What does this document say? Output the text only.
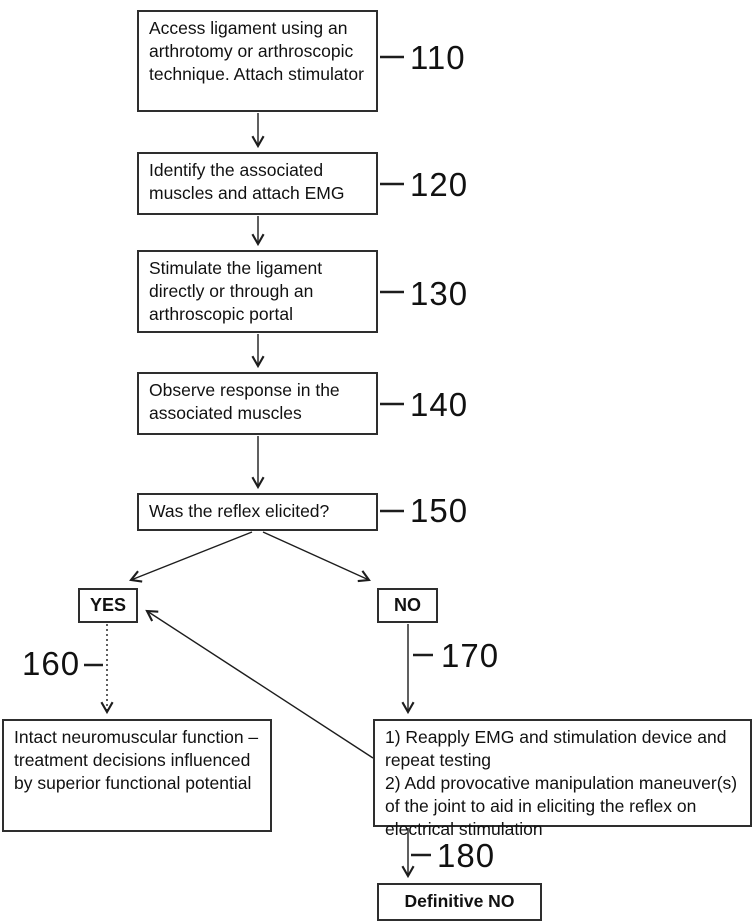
Access ligament using an arthrotomy or arthroscopic technique. Attach stimulator
Identify the associated muscles and attach EMG
Stimulate the ligament directly or through an arthroscopic portal
Observe response in the associated muscles
Was the reflex elicited?
YES	NO
Intact neuromuscular function – treatment decisions influenced by superior functional potential
1) Reapply EMG and stimulation device and repeat testing
2) Add provocative manipulation maneuver(s) of the joint to aid in eliciting the reflex on electrical stimulation
Definitive NO
110
120
130
140
150
160	170
180
